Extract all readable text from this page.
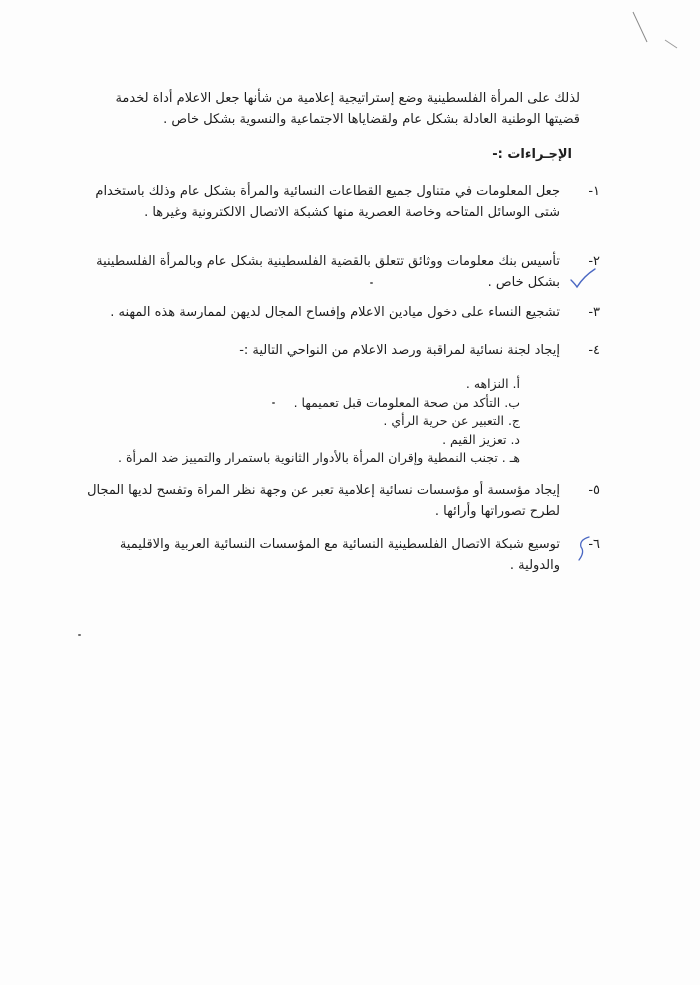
لذلك على المرأة الفلسطينية وضع إستراتيجية إعلامية من شأنها جعل الاعلام أداة لخدمة قضيتها الوطنية العادلة بشكل عام ولقضاياها الاجتماعية والنسوية بشكل خاص .
الإجـراءات :-
١-
جعل المعلومات في متناول جميع القطاعات النسائية والمرأة بشكل عام وذلك باستخدام شتى الوسائل المتاحه وخاصة العصرية منها كشبكة الاتصال الالكترونية وغيرها .
٢-
تأسيس بنك معلومات ووثائق تتعلق بالقضية الفلسطينية بشكل عام وبالمرأة الفلسطينية بشكل خاص .
٣-
تشجيع النساء على دخول ميادين الاعلام وإفساح المجال لديهن لممارسة هذه المهنه .
٤-
إيجاد لجنة نسائية لمراقبة ورصد الاعلام من النواحي التالية :-
أ. النزاهه .
ب. التأكد من صحة المعلومات قبل تعميمها .
ج. التعبير عن حرية الرأي .
د. تعزيز القيم .
هـ . تجنب النمطية وإقران المرأة بالأدوار الثانوية باستمرار والتمييز ضد المرأة .
٥-
إيجاد مؤسسة أو مؤسسات نسائية إعلامية تعبر عن وجهة نظر المراة وتفسح لديها المجال لطرح تصوراتها وأرائها .
٦-
توسيع شبكة الاتصال الفلسطينية النسائية مع المؤسسات النسائية العربية والاقليمية والدولية .
